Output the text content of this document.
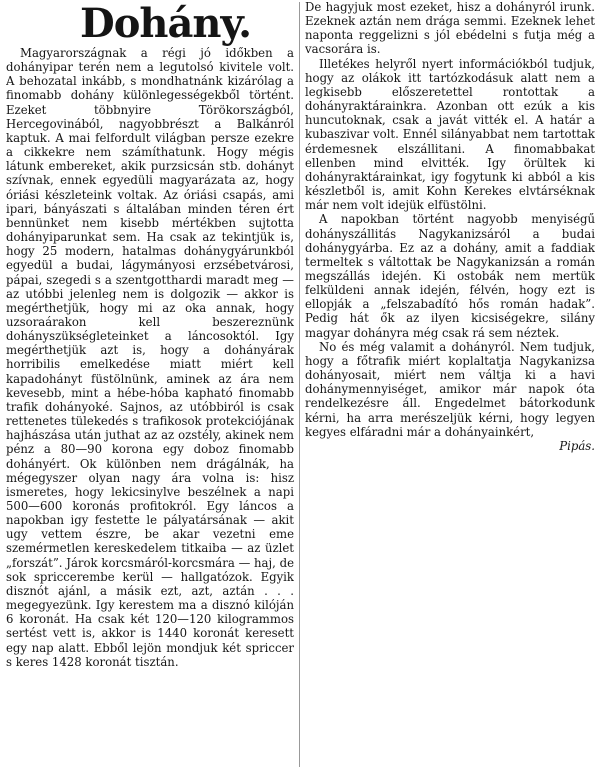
Dohány.

Magyarországnak a régi jó időkben a dohányipar terén nem a legutolsó kivitele volt. A behozatal inkább, s mondhatnánk kizárólag a finomabb dohány különlegességekből történt. Ezeket többnyire Törökországból, Hercegovinából, nagyobbrészt a Balkánról kaptuk. A mai felfordult világban persze ezekre a cikkekre nem számíthatunk. Hogy mégis látunk embereket, akik purzsicsán stb. dohányt szívnak, ennek egyedüli magyarázata az, hogy óriási készleteink voltak. Az óriási csapás, ami ipari, bányászati s általában minden téren ért bennünket nem kisebb mértékben sujtotta dohányiparunkat sem. Ha csak az tekintjük is, hogy 25 modern, hatalmas dohánygyárunkból egyedül a budai, lágymányosi erzsébetvárosi, pápai, szegedi s a szentgotthardi maradt meg — az utóbbi jelenleg nem is dolgozik — akkor is megérthetjük, hogy mi az oka annak, hogy uzsoraárakon kell beszereznünk dohányszükségleteinket a láncosoktól. Igy megérthetjük azt is, hogy a dohányárak horribilis emelkedése miatt miért kell kapadohányt füstölnünk, aminek az ára nem kevesebb, mint a hébe-hóba kapható finomabb trafik dohányoké. Sajnos, az utóbbiról is csak rettenetes tülekedés s trafikosok protekciójának hajhászása után juthat az az ozstély, akinek nem pénz a 80—90 korona egy doboz finomabb dohányért. Ok különben nem drágálnák, ha mégegyszer olyan nagy ára volna is: hisz ismeretes, hogy lekicsinylve beszélnek a napi 500—600 koronás profitokról. Egy láncos a napokban igy festette le pályatársának — akit ugy vettem észre, be akar vezetni eme szemérmetlen kereskedelem titkaiba — az üzlet „forszát”. Járok korcsmáról-korcsmára — haj, de sok spriccerembe kerül — hallgatózok. Egyik disznót ajánl, a másik ezt, azt, aztán . . . megegyezünk. Igy kerestem ma a disznó kilóján 6 koronát. Ha csak két 120—120 kilogrammos sertést vett is, akkor is 1440 koronát keresett egy nap alatt. Ebből lejön mondjuk két spriccer s keres 1428 koronát tisztán.

De hagyjuk most ezeket, hisz a dohányról irunk. Ezeknek aztán nem drága semmi. Ezeknek lehet naponta reggelizni s jól ebédelni s futja még a vacsorára is.

Illetékes helyről nyert információkból tudjuk, hogy az olákok itt tartózkodásuk alatt nem a legkisebb előszeretettel rontottak a dohányraktárainkra. Azonban ott ezúk a kis huncutoknak, csak a javát vitték el. A határ a kubaszivar volt. Ennél silányabbat nem tartottak érdemesnek elszállitani. A finomabbakat ellenben mind elvitték. Igy örültek ki dohányraktárainkat, igy fogytunk ki abból a kis készletből is, amit Kohn Kerekes elvtárséknak már nem volt idejük elfüstölni.

A napokban történt nagyobb menyiségű dohányszállitás Nagykanizsáról a budai dohánygyárba. Ez az a dohány, amit a faddiak termeltek s váltottak be Nagykanizsán a román megszállás idején. Ki ostobák nem mertük felküldeni annak idején, félvén, hogy ezt is ellopják a „felszabadító hős román hadak”. Pedig hát ők az ilyen kicsiségekre, silány magyar dohányra még csak rá sem néztek.

No és még valamit a dohányról. Nem tudjuk, hogy a főtrafik miért koplaltatja Nagykanizsa dohányosait, miért nem váltja ki a havi dohánymennyiséget, amikor már napok óta rendelkezésre áll. Engedelmet bátorkodunk kérni, ha arra merészeljük kérni, hogy legyen kegyes elfáradni már a dohányainkért,

Pipás.
